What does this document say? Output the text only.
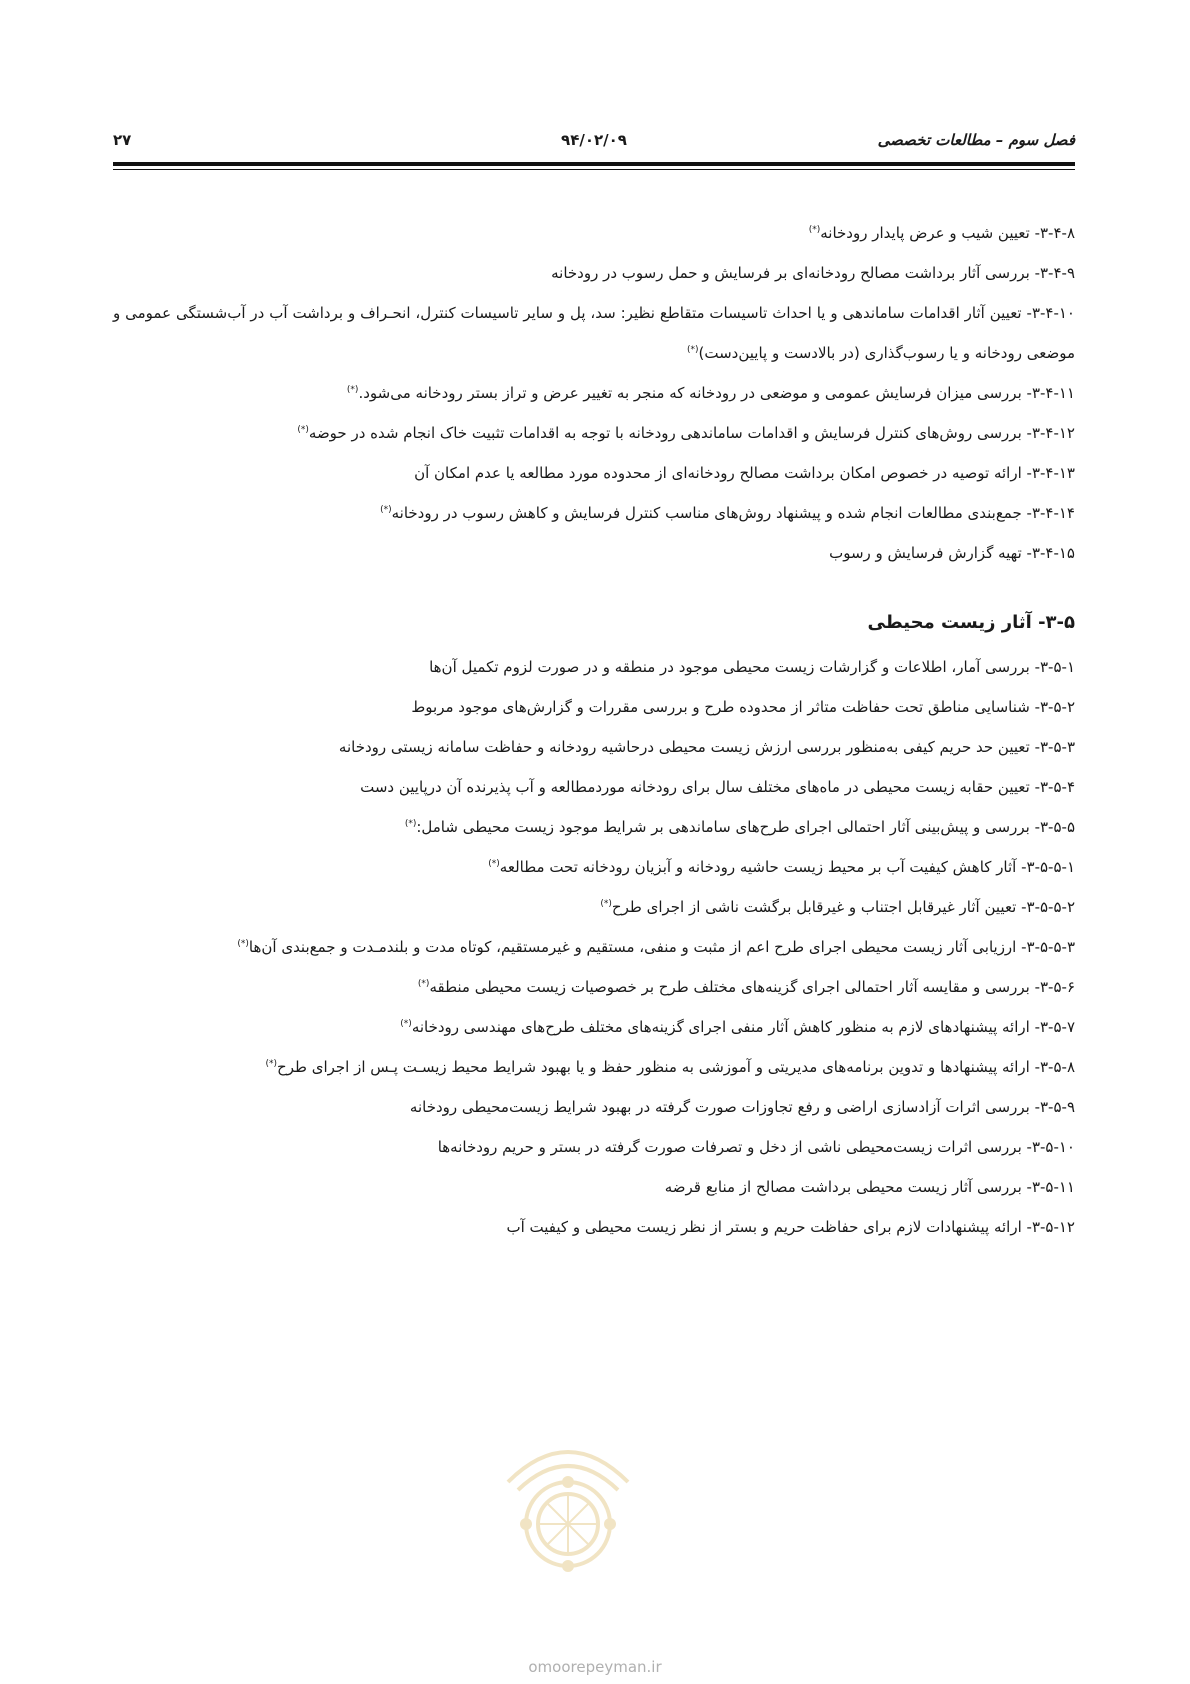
فصل سوم – مطالعات تخصصی
۹۴/۰۲/۰۹
۲۷
۳-۴-۸- تعیین شیب و عرض پایدار رودخانه(*)
۳-۴-۹- بررسی آثار برداشت مصالح رودخانه‌ای بر فرسایش و حمل رسوب در رودخانه
۳-۴-۱۰- تعیین آثار اقدامات ساماندهی و یا احداث تاسیسات متقاطع نظیر: سد، پل و سایر تاسیسات کنترل، انحـراف و برداشت آب در آب‌شستگی عمومی و موضعی رودخانه و یا رسوب‌گذاری (در بالادست و پایین‌دست)(*)
۳-۴-۱۱- بررسی میزان فرسایش عمومی و موضعی در رودخانه که منجر به تغییر عرض و تراز بستر رودخانه می‌شود.(*)
۳-۴-۱۲- بررسی روش‌های کنترل فرسایش و اقدامات ساماندهی رودخانه با توجه به اقدامات تثبیت خاک انجام شده در حوضه(*)
۳-۴-۱۳- ارائه توصیه در خصوص امکان برداشت مصالح رودخانه‌ای از محدوده مورد مطالعه یا عدم امکان آن
۳-۴-۱۴- جمع‌بندی مطالعات انجام شده و پیشنهاد روش‌های مناسب کنترل فرسایش و کاهش رسوب در رودخانه(*)
۳-۴-۱۵- تهیه گزارش فرسایش و رسوب
۳-۵- آثار زیست محیطی
۳-۵-۱- بررسی آمار، اطلاعات و گزارشات زیست محیطی موجود در منطقه و در صورت لزوم تکمیل آن‌ها
۳-۵-۲- شناسایی مناطق تحت حفاظت متاثر از محدوده طرح و بررسی مقررات و گزارش‌های موجود مربوط
۳-۵-۳- تعیین حد حریم کیفی به‌منظور بررسی ارزش زیست محیطی درحاشیه رودخانه و حفاظت سامانه زیستی رودخانه
۳-۵-۴- تعیین حقابه زیست محیطی در ماه‌های مختلف سال برای رودخانه موردمطالعه و آب پذیرنده آن درپایین دست
۳-۵-۵- بررسی و پیش‌بینی آثار احتمالی اجرای طرح‌های ساماندهی بر شرایط موجود زیست محیطی شامل:(*)
۳-۵-۵-۱- آثار کاهش کیفیت آب بر محیط زیست حاشیه رودخانه و آبزیان رودخانه تحت مطالعه(*)
۳-۵-۵-۲- تعیین آثار غیرقابل اجتناب و غیرقابل برگشت ناشی از اجرای طرح(*)
۳-۵-۵-۳- ارزیابی آثار زیست محیطی اجرای طرح اعم از مثبت و منفی، مستقیم و غیرمستقیم، کوتاه مدت و بلندمـدت و جمع‌بندی آن‌ها(*)
۳-۵-۶- بررسی و مقایسه آثار احتمالی اجرای گزینه‌های مختلف طرح بر خصوصیات زیست محیطی منطقه(*)
۳-۵-۷- ارائه پیشنهادهای لازم به منظور کاهش آثار منفی اجرای گزینه‌های مختلف طرح‌های مهندسی رودخانه(*)
۳-۵-۸- ارائه پیشنهادها و تدوین برنامه‌های مدیریتی و آموزشی به منظور حفظ و یا بهبود شرایط محیط زیسـت پـس از اجرای طرح(*)
۳-۵-۹- بررسی اثرات آزادسازی اراضی و رفع تجاوزات صورت گرفته در بهبود شرایط زیست‌محیطی رودخانه
۳-۵-۱۰- بررسی اثرات زیست‌محیطی ناشی از دخل و تصرفات صورت گرفته در بستر و حریم رودخانه‌ها
۳-۵-۱۱- بررسی آثار زیست محیطی برداشت مصالح از منابع قرضه
۳-۵-۱۲- ارائه پیشنهادات لازم برای حفاظت حریم و بستر از نظر زیست محیطی و کیفیت آب
omoorepeyman.ir
